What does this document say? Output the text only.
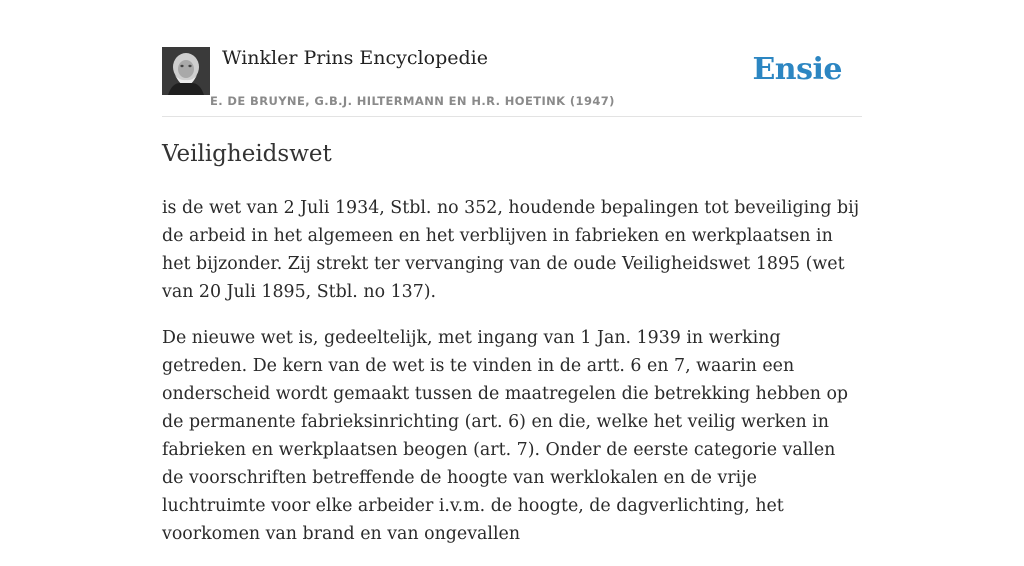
Winkler Prins Encyclopedie
E. DE BRUYNE, G.B.J. HILTERMANN EN H.R. HOETINK (1947)
Ensie
Veiligheidswet

is de wet van 2 Juli 1934, Stbl. no 352, houdende bepalingen tot beveiliging bij de arbeid in het algemeen en het verblijven in fabrieken en werkplaatsen in het bijzonder. Zij strekt ter vervanging van de oude Veiligheidswet 1895 (wet van 20 Juli 1895, Stbl. no 137).

De nieuwe wet is, gedeeltelijk, met ingang van 1 Jan. 1939 in werking getreden. De kern van de wet is te vinden in de artt. 6 en 7, waarin een onderscheid wordt gemaakt tussen de maatregelen die betrekking hebben op de permanente fabrieksinrichting (art. 6) en die, welke het veilig werken in fabrieken en werkplaatsen beogen (art. 7). Onder de eerste categorie vallen de voorschriften betreffende de hoogte van werklokalen en de vrije luchtruimte voor elke arbeider i.v.m. de hoogte, de dagverlichting, het voorkomen van brand en van ongevallen
